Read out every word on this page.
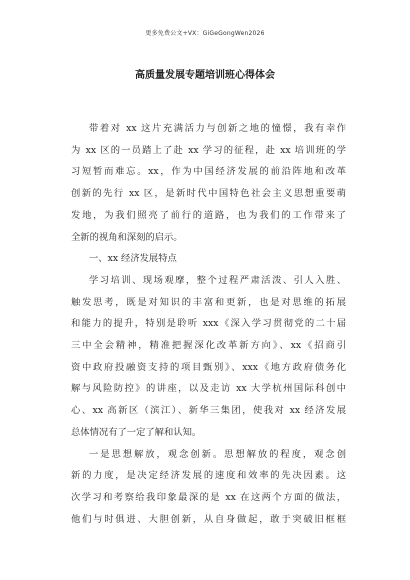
更多免费公文+VX：GiGeGongWen2026
高质量发展专题培训班心得体会
带着对 xx 这片充满活力与创新之地的憧憬，我有幸作
为 xx 区的一员踏上了赴 xx 学习的征程，赴 xx 培训班的学
习短暂而难忘。xx，作为中国经济发展的前沿阵地和改革
创新的先行 xx 区，是新时代中国特色社会主义思想重要萌
发地，为我们照亮了前行的道路，也为我们的工作带来了
全新的视角和深刻的启示。
一、xx 经济发展特点
学习培训、现场观摩，整个过程严肃活泼、引人入胜、
触发思考，既是对知识的丰富和更新，也是对思维的拓展
和能力的提升，特别是聆听 xxx《深入学习贯彻党的二十届
三中全会精神，精准把握深化改革新方向》、xx《招商引
资中政府投融资支持的项目甄别》、xxx《地方政府债务化
解与风险防控》的讲座，以及走访 xx 大学杭州国际科创中
心、xx 高新区（滨江）、新华三集团，使我对 xx 经济发展
总体情况有了一定了解和认知。
一是思想解放，观念创新。思想解放的程度，观念创
新的力度，是决定经济发展的速度和效率的先决因素。这
次学习和考察给我印象最深的是 xx 在这两个方面的做法，
他们与时俱进、大胆创新，从自身做起，敢于突破旧框框
